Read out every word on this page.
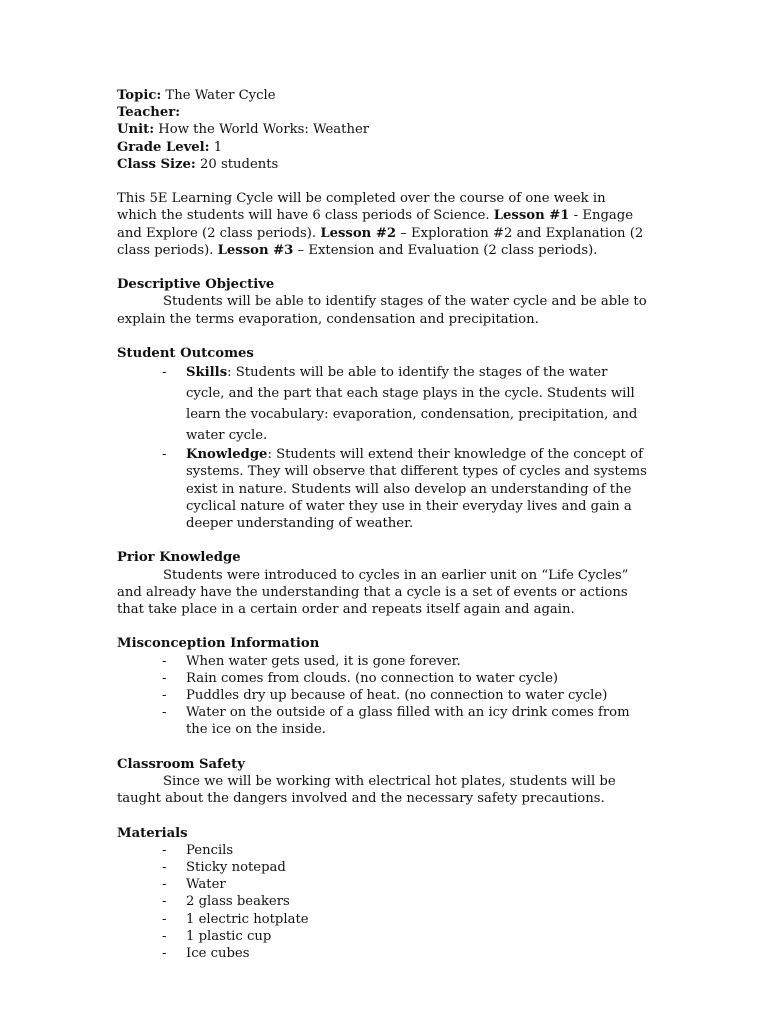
Topic: The Water Cycle
Teacher:
Unit: How the World Works: Weather
Grade Level: 1
Class Size: 20 students
This 5E Learning Cycle will be completed over the course of one week in which the students will have 6 class periods of Science. Lesson #1 - Engage and Explore (2 class periods). Lesson #2 – Exploration #2 and Explanation (2 class periods). Lesson #3 – Extension and Evaluation (2 class periods).
Descriptive Objective
Students will be able to identify stages of the water cycle and be able to explain the terms evaporation, condensation and precipitation.
Student Outcomes
- Skills: Students will be able to identify the stages of the water cycle, and the part that each stage plays in the cycle. Students will learn the vocabulary: evaporation, condensation, precipitation, and water cycle.
- Knowledge: Students will extend their knowledge of the concept of systems. They will observe that different types of cycles and systems exist in nature. Students will also develop an understanding of the cyclical nature of water they use in their everyday lives and gain a deeper understanding of weather.
Prior Knowledge
Students were introduced to cycles in an earlier unit on “Life Cycles” and already have the understanding that a cycle is a set of events or actions that take place in a certain order and repeats itself again and again.
Misconception Information
- When water gets used, it is gone forever.
- Rain comes from clouds. (no connection to water cycle)
- Puddles dry up because of heat. (no connection to water cycle)
- Water on the outside of a glass filled with an icy drink comes from the ice on the inside.
Classroom Safety
Since we will be working with electrical hot plates, students will be taught about the dangers involved and the necessary safety precautions.
Materials
- Pencils
- Sticky notepad
- Water
- 2 glass beakers
- 1 electric hotplate
- 1 plastic cup
- Ice cubes
